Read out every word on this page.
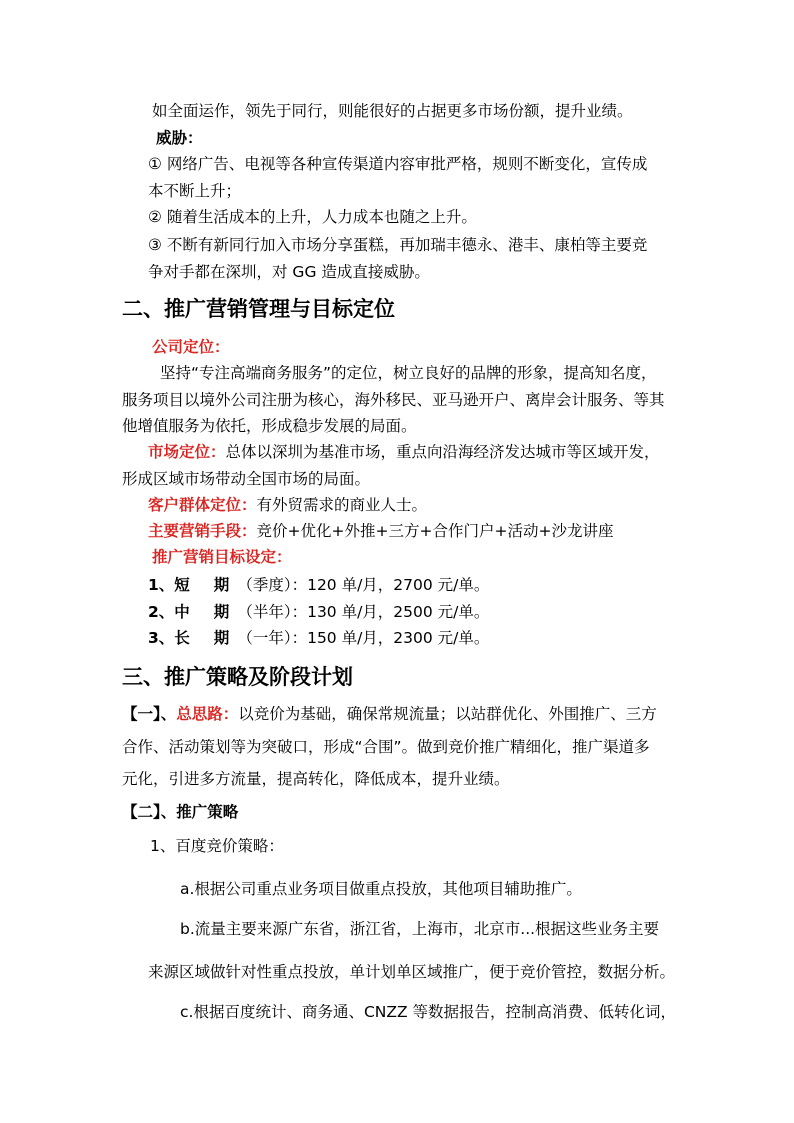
如全面运作，领先于同行，则能很好的占据更多市场份额，提升业绩。
威胁：
① 网络广告、电视等各种宣传渠道内容审批严格，规则不断变化，宣传成
本不断上升；
② 随着生活成本的上升，人力成本也随之上升。
③ 不断有新同行加入市场分享蛋糕，再加瑞丰德永、港丰、康柏等主要竞
争对手都在深圳，对 GG 造成直接威胁。
二、推广营销管理与目标定位
公司定位：
坚持“专注高端商务服务”的定位，树立良好的品牌的形象，提高知名度，
服务项目以境外公司注册为核心，海外移民、亚马逊开户、离岸会计服务、等其
他增值服务为依托，形成稳步发展的局面。
市场定位：总体以深圳为基准市场，重点向沿海经济发达城市等区域开发，
形成区域市场带动全国市场的局面。
客户群体定位：有外贸需求的商业人士。
主要营销手段：竞价+优化+外推+三方+合作门户+活动+沙龙讲座
推广营销目标设定：
1、短 期 （季度）：120 单/月，2700 元/单。
2、中 期 （半年）：130 单/月，2500 元/单。
3、长 期 （一年）：150 单/月，2300 元/单。
三、推广策略及阶段计划
【一】、总思路：以竞价为基础，确保常规流量；以站群优化、外围推广、三方
合作、活动策划等为突破口，形成“合围”。做到竞价推广精细化，推广渠道多
元化，引进多方流量，提高转化，降低成本，提升业绩。
【二】、推广策略
1、百度竞价策略：
a.根据公司重点业务项目做重点投放，其他项目辅助推广。
b.流量主要来源广东省，浙江省，上海市，北京市...根据这些业务主要
来源区域做针对性重点投放，单计划单区域推广，便于竞价管控，数据分析。
c.根据百度统计、商务通、CNZZ 等数据报告，控制高消费、低转化词，
